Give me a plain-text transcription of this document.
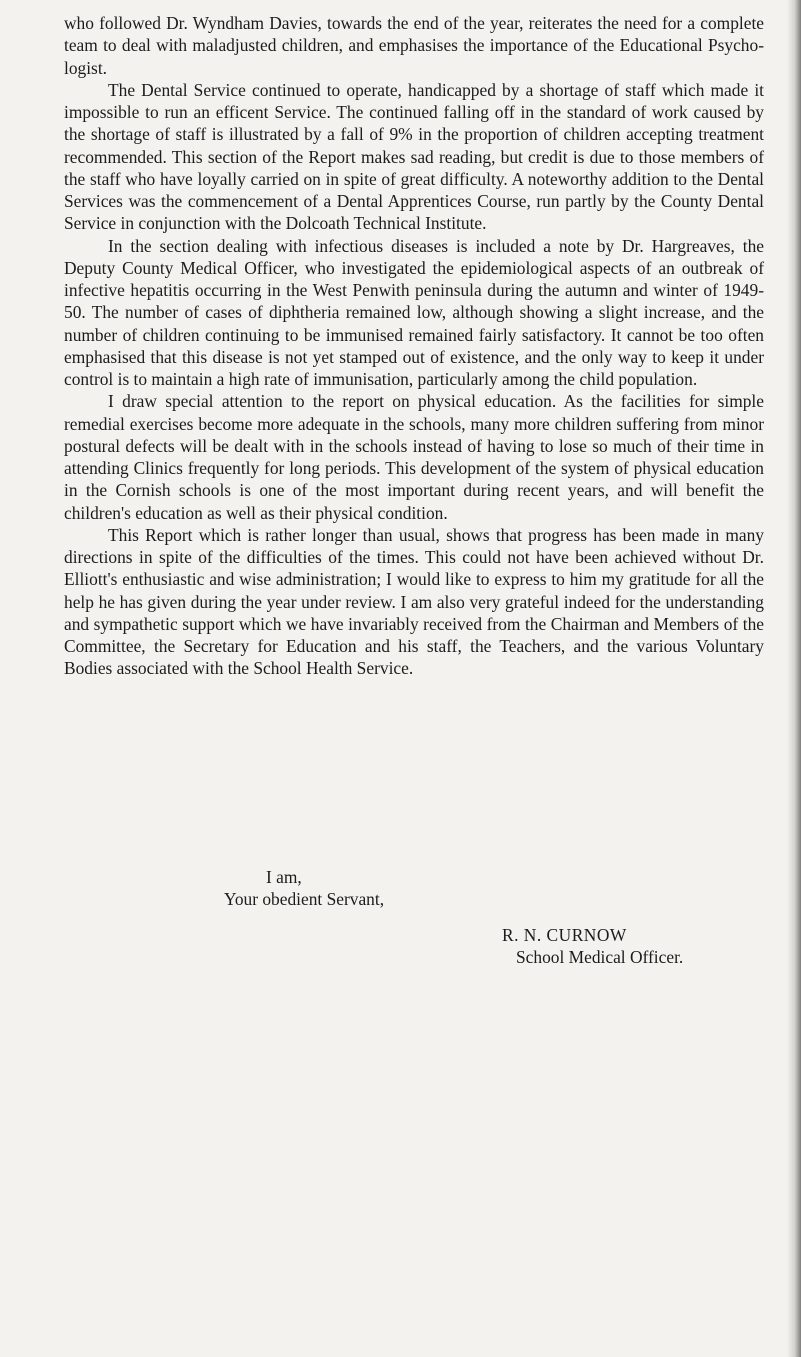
who followed Dr. Wyndham Davies, towards the end of the year, reiterates the need for a complete team to deal with maladjusted children, and emphasises the importance of the Educational Psychologist.

The Dental Service continued to operate, handicapped by a shortage of staff which made it impossible to run an efficent Service. The continued falling off in the standard of work caused by the shortage of staff is illustrated by a fall of 9% in the proportion of children accepting treatment recommended. This section of the Report makes sad reading, but credit is due to those members of the staff who have loyally carried on in spite of great difficulty. A noteworthy addition to the Dental Services was the commencement of a Dental Apprentices Course, run partly by the County Dental Service in conjunction with the Dolcoath Technical Institute.

In the section dealing with infectious diseases is included a note by Dr. Hargreaves, the Deputy County Medical Officer, who investigated the epidemiological aspects of an outbreak of infective hepatitis occurring in the West Penwith peninsula during the autumn and winter of 1949-50. The number of cases of diphtheria remained low, although showing a slight increase, and the number of children continuing to be immunised remained fairly satisfactory. It cannot be too often emphasised that this disease is not yet stamped out of existence, and the only way to keep it under control is to maintain a high rate of immunisation, particularly among the child population.

I draw special attention to the report on physical education. As the facilities for simple remedial exercises become more adequate in the schools, many more children suffering from minor postural defects will be dealt with in the schools instead of having to lose so much of their time in attending Clinics frequently for long periods. This development of the system of physical education in the Cornish schools is one of the most important during recent years, and will benefit the children's education as well as their physical condition.

This Report which is rather longer than usual, shows that progress has been made in many directions in spite of the difficulties of the times. This could not have been achieved without Dr. Elliott's enthusiastic and wise administration; I would like to express to him my gratitude for all the help he has given during the year under review. I am also very grateful indeed for the understanding and sympathetic support which we have invariably received from the Chairman and Members of the Committee, the Secretary for Education and his staff, the Teachers, and the various Voluntary Bodies associated with the School Health Service.

I am,
Your obedient Servant,
R. N. CURNOW
School Medical Officer.
